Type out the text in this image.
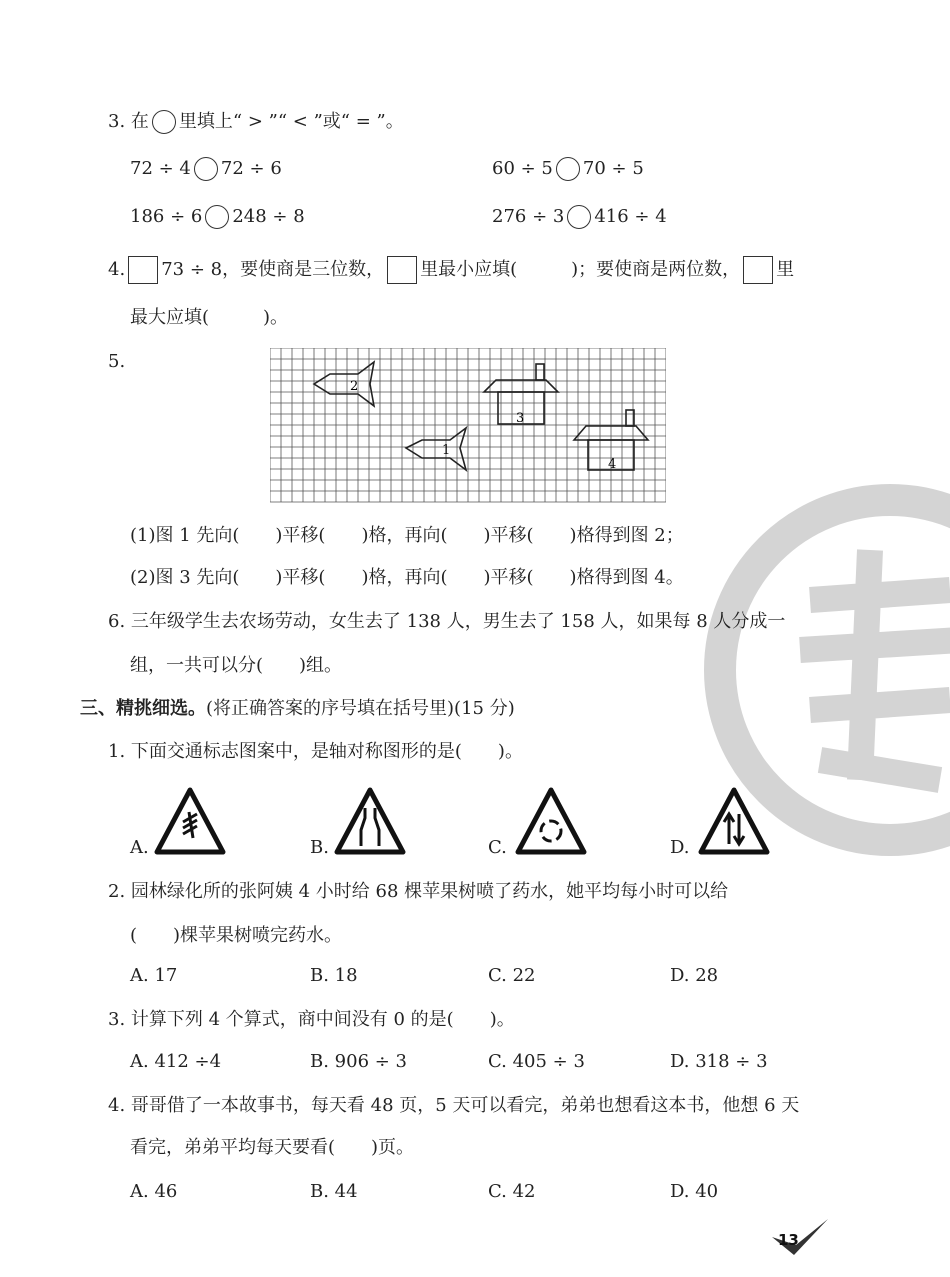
3. 在 里填上“ > ”“ < ”或“ = ”。
72 ÷ 4 72 ÷ 6	60 ÷ 5 70 ÷ 5
186 ÷ 6 248 ÷ 8	276 ÷ 3 416 ÷ 4
4. 73 ÷ 8，要使商是三位数， 里最小应填(　　　)；要使商是两位数， 里
最大应填(　　　)。
5.
2
3
1
4
(1)图 1 先向(　　)平移(　　)格，再向(　　)平移(　　)格得到图 2；
(2)图 3 先向(　　)平移(　　)格，再向(　　)平移(　　)格得到图 4。
6. 三年级学生去农场劳动，女生去了 138 人，男生去了 158 人，如果每 8 人分成一
组，一共可以分(　　)组。
三、精挑细选。(将正确答案的序号填在括号里)(15 分)
1. 下面交通标志图案中，是轴对称图形的是(　　)。
A.	B.	C.	D.
2. 园林绿化所的张阿姨 4 小时给 68 棵苹果树喷了药水，她平均每小时可以给
(　　)棵苹果树喷完药水。
A. 17	B. 18	C. 22	D. 28
3. 计算下列 4 个算式，商中间没有 0 的是(　　)。
A. 412 ÷4	B. 906 ÷ 3	C. 405 ÷ 3	D. 318 ÷ 3
4. 哥哥借了一本故事书，每天看 48 页，5 天可以看完，弟弟也想看这本书，他想 6 天
看完，弟弟平均每天要看(　　)页。
A. 46	B. 44	C. 42	D. 40
13
